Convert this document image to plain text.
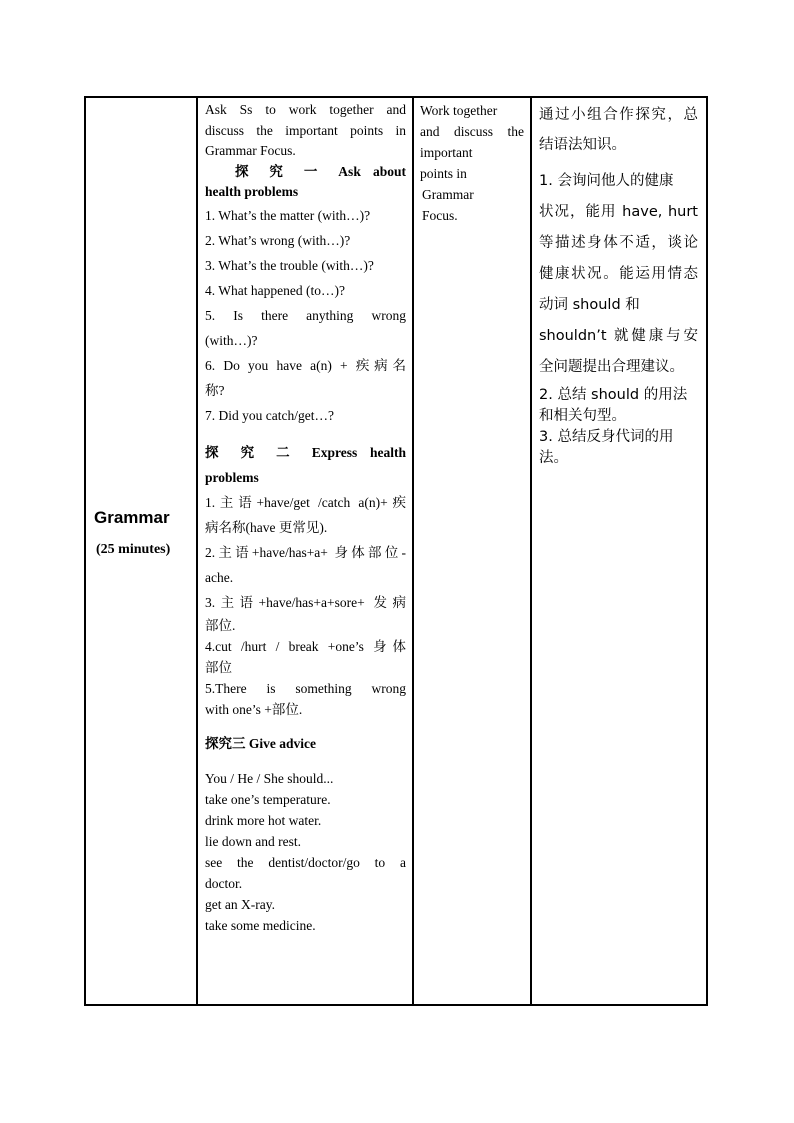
Grammar
(25 minutes)

Ask Ss to work together and

discuss the important points in

Grammar Focus.

探 究 一 Ask about

health problems

1. What’s the matter (with…)?

2. What’s wrong (with…)?

3. What’s the trouble (with…)?

4. What happened (to…)?

5. Is there anything wrong

(with…)?

6. Do you have a(n) + 疾病名

称?

7. Did you catch/get…?

探 究 二 Express health

problems

1.主语+have/get /catch a(n)+疾

病名称(have 更常见).

2.主语+have/has+a+ 身体部位-

ache.

3.主语+have/has+a+sore+ 发病

部位.

4.cut /hurt / break +one’s 身体

部位

5.There is something wrong

with one’s +部位.

探究三 Give advice

You / He / She should...

take one’s temperature.

drink more hot water.

lie down and rest.

see the dentist/doctor/go to a

doctor.

get an X-ray.

take some medicine.

Work together

and discuss the

important

points in

Grammar

Focus.

通过小组合作探究，总

结语法知识。

1. 会询问他人的健康

状况，能用 have, hurt

等描述身体不适，谈论

健康状况。能运用情态

动词 should 和

shouldn’t 就健康与安

全问题提出合理建议。

2. 总结 should 的用法

和相关句型。

3. 总结反身代词的用

法。
